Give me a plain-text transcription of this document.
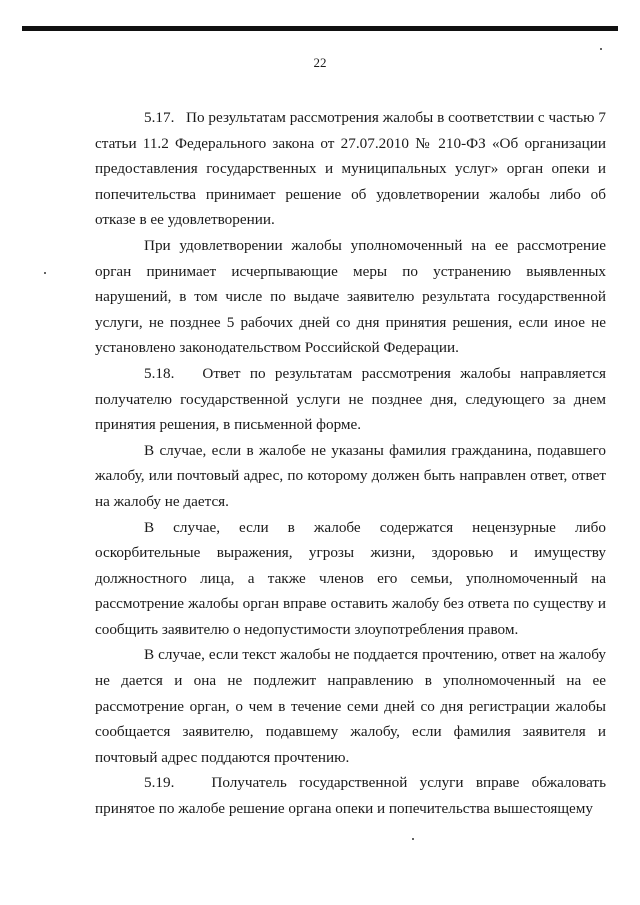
22

5.17.   По результатам рассмотрения жалобы в соответствии с частью 7 статьи 11.2 Федерального закона от 27.07.2010 № 210-ФЗ «Об организации предоставления государственных и муниципальных услуг» орган опеки и попечительства принимает решение об удовлетворении жалобы либо об отказе в ее удовлетворении.

При удовлетворении жалобы уполномоченный на ее рассмотрение орган принимает исчерпывающие меры по устранению выявленных нарушений, в том числе по выдаче заявителю результата государственной услуги, не позднее 5 рабочих дней со дня принятия решения, если иное не установлено законодательством Российской Федерации.

5.18.   Ответ по результатам рассмотрения жалобы направляется получателю государственной услуги не позднее дня, следующего за днем принятия решения, в письменной форме.

В случае, если в жалобе не указаны фамилия гражданина, подавшего жалобу, или почтовый адрес, по которому должен быть направлен ответ, ответ на жалобу не дается.

В случае, если в жалобе содержатся нецензурные либо оскорбительные выражения, угрозы жизни, здоровью и имуществу должностного лица, а также членов его семьи, уполномоченный на рассмотрение жалобы орган вправе оставить жалобу без ответа по существу и сообщить заявителю о недопустимости злоупотребления правом.

В случае, если текст жалобы не поддается прочтению, ответ на жалобу не дается и она не подлежит направлению в уполномоченный на ее рассмотрение орган, о чем в течение семи дней со дня регистрации жалобы сообщается заявителю, подавшему жалобу, если фамилия заявителя и почтовый адрес поддаются прочтению.

5.19.   Получатель государственной услуги вправе обжаловать принятое по жалобе решение органа опеки и попечительства вышестоящему
